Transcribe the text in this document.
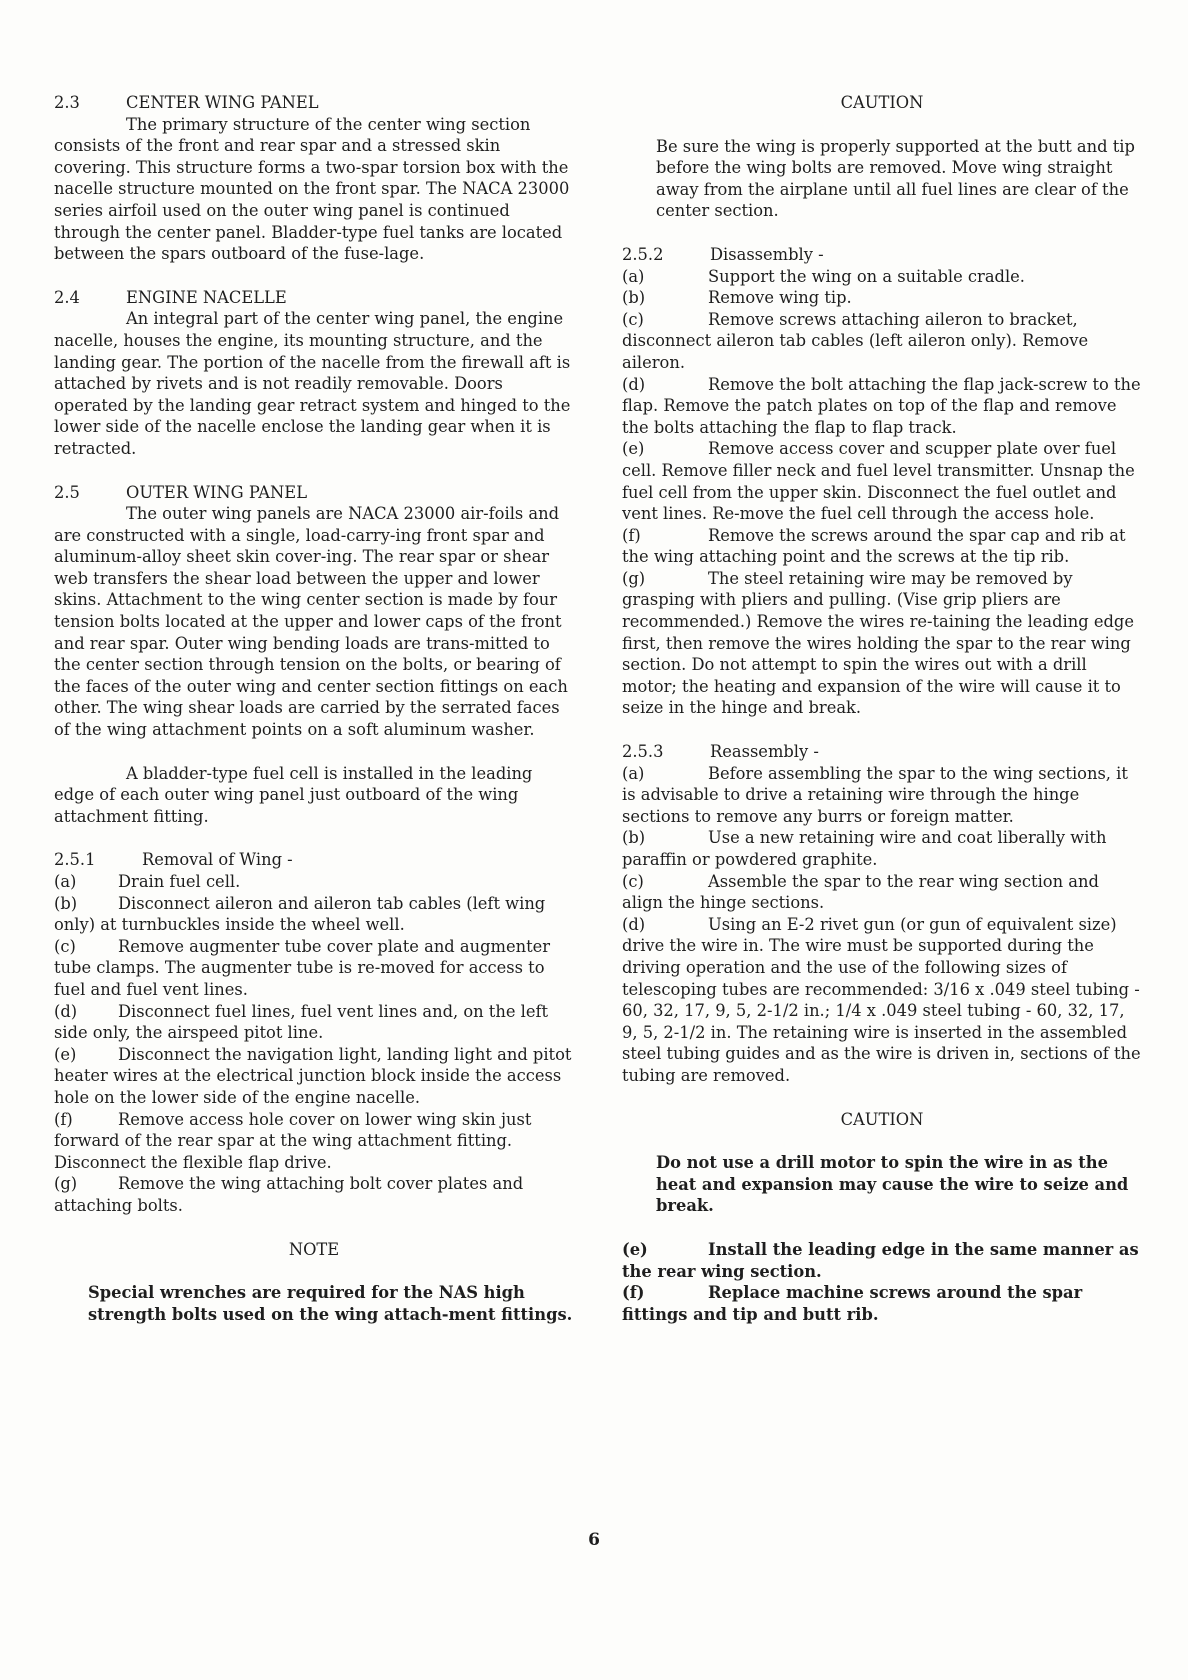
2.3	CENTER WING PANEL

The primary structure of the center wing section consists of the front and rear spar and a stressed skin covering. This structure forms a two-spar torsion box with the nacelle structure mounted on the front spar. The NACA 23000 series airfoil used on the outer wing panel is continued through the center panel. Bladder-type fuel tanks are located between the spars outboard of the fuse-lage.

2.4	ENGINE NACELLE

An integral part of the center wing panel, the engine nacelle, houses the engine, its mounting structure, and the landing gear. The portion of the nacelle from the firewall aft is attached by rivets and is not readily removable. Doors operated by the landing gear retract system and hinged to the lower side of the nacelle enclose the landing gear when it is retracted.

2.5	OUTER WING PANEL

The outer wing panels are NACA 23000 air-foils and are constructed with a single, load-carry-ing front spar and aluminum-alloy sheet skin cover-ing. The rear spar or shear web transfers the shear load between the upper and lower skins. Attachment to the wing center section is made by four tension bolts located at the upper and lower caps of the front and rear spar. Outer wing bending loads are trans-mitted to the center section through tension on the bolts, or bearing of the faces of the outer wing and center section fittings on each other. The wing shear loads are carried by the serrated faces of the wing attachment points on a soft aluminum washer.

A bladder-type fuel cell is installed in the leading edge of each outer wing panel just outboard of the wing attachment fitting.

2.5.1	Removal of Wing -

(a)	Drain fuel cell.

(b)	Disconnect aileron and aileron tab cables (left wing only) at turnbuckles inside the wheel well.

(c)	Remove augmenter tube cover plate and augmenter tube clamps. The augmenter tube is re-moved for access to fuel and fuel vent lines.

(d)	Disconnect fuel lines, fuel vent lines and, on the left side only, the airspeed pitot line.

(e)	Disconnect the navigation light, landing light and pitot heater wires at the electrical junction block inside the access hole on the lower side of the engine nacelle.

(f)	Remove access hole cover on lower wing skin just forward of the rear spar at the wing attachment fitting. Disconnect the flexible flap drive.

(g)	Remove the wing attaching bolt cover plates and attaching bolts.

NOTE

Special wrenches are required for the NAS high strength bolts used on the wing attach-ment fittings.

CAUTION

Be sure the wing is properly supported at the butt and tip before the wing bolts are removed. Move wing straight away from the airplane until all fuel lines are clear of the center section.

2.5.2	Disassembly -

(a)	Support the wing on a suitable cradle.

(b)	Remove wing tip.

(c)	Remove screws attaching aileron to bracket, disconnect aileron tab cables (left aileron only). Remove aileron.

(d)	Remove the bolt attaching the flap jack-screw to the flap. Remove the patch plates on top of the flap and remove the bolts attaching the flap to flap track.

(e)	Remove access cover and scupper plate over fuel cell. Remove filler neck and fuel level transmitter. Unsnap the fuel cell from the upper skin. Disconnect the fuel outlet and vent lines. Re-move the fuel cell through the access hole.

(f)	Remove the screws around the spar cap and rib at the wing attaching point and the screws at the tip rib.

(g)	The steel retaining wire may be removed by grasping with pliers and pulling. (Vise grip pliers are recommended.) Remove the wires re-taining the leading edge first, then remove the wires holding the spar to the rear wing section. Do not attempt to spin the wires out with a drill motor; the heating and expansion of the wire will cause it to seize in the hinge and break.

2.5.3	Reassembly -

(a)	Before assembling the spar to the wing sections, it is advisable to drive a retaining wire through the hinge sections to remove any burrs or foreign matter.

(b)	Use a new retaining wire and coat liberally with paraffin or powdered graphite.

(c)	Assemble the spar to the rear wing section and align the hinge sections.

(d)	Using an E-2 rivet gun (or gun of equivalent size) drive the wire in. The wire must be supported during the driving operation and the use of the following sizes of telescoping tubes are recommended: 3/16 x .049 steel tubing - 60, 32, 17, 9, 5, 2-1/2 in.; 1/4 x .049 steel tubing - 60, 32, 17, 9, 5, 2-1/2 in. The retaining wire is inserted in the assembled steel tubing guides and as the wire is driven in, sections of the tubing are removed.

CAUTION

Do not use a drill motor to spin the wire in as the heat and expansion may cause the wire to seize and break.

(e)	Install the leading edge in the same manner as the rear wing section.

(f)	Replace machine screws around the spar fittings and tip and butt rib.

6
